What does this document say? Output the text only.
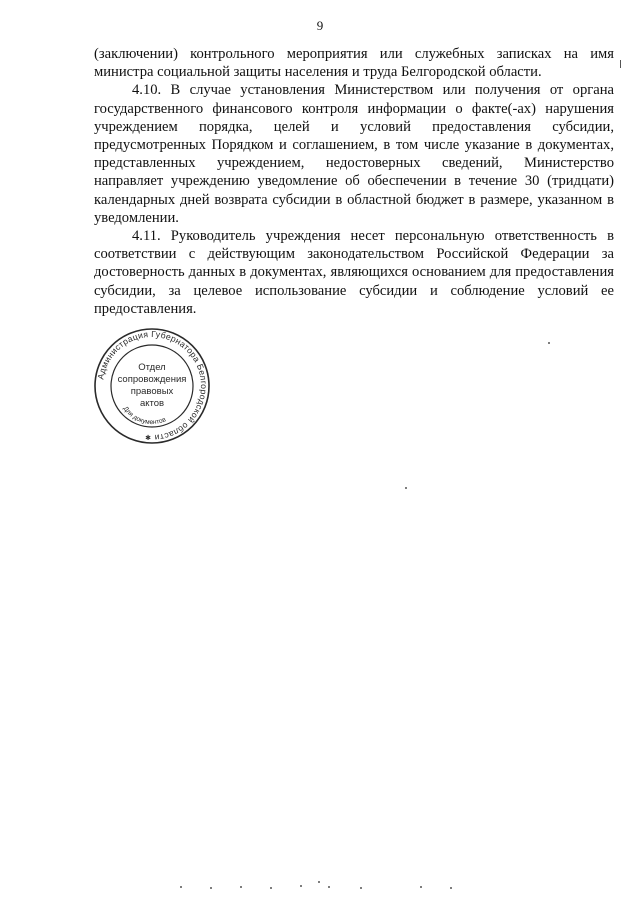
9

(заключении) контрольного мероприятия или служебных записках на имя министра социальной защиты населения и труда Белгородской области.

4.10. В случае установления Министерством или получения от органа государственного финансового контроля информации о факте(-ах) нарушения учреждением порядка, целей и условий предоставления субсидии, предусмотренных Порядком и соглашением, в том числе указание в документах, представленных учреждением, недостоверных сведений, Министерство направляет учреждению уведомление об обеспечении в течение 30 (тридцати) календарных дней возврата субсидии в областной бюджет в размере, указанном в уведомлении.

4.11. Руководитель учреждения несет персональную ответственность в соответствии с действующим законодательством Российской Федерации за достоверность данных в документах, являющихся основанием для предоставления субсидии, за целевое использование субсидии и соблюдение условий ее предоставления.

Администрация Губернатора Белгородской области
Для документов
Отдел
сопровождения
правовых
актов
✱
